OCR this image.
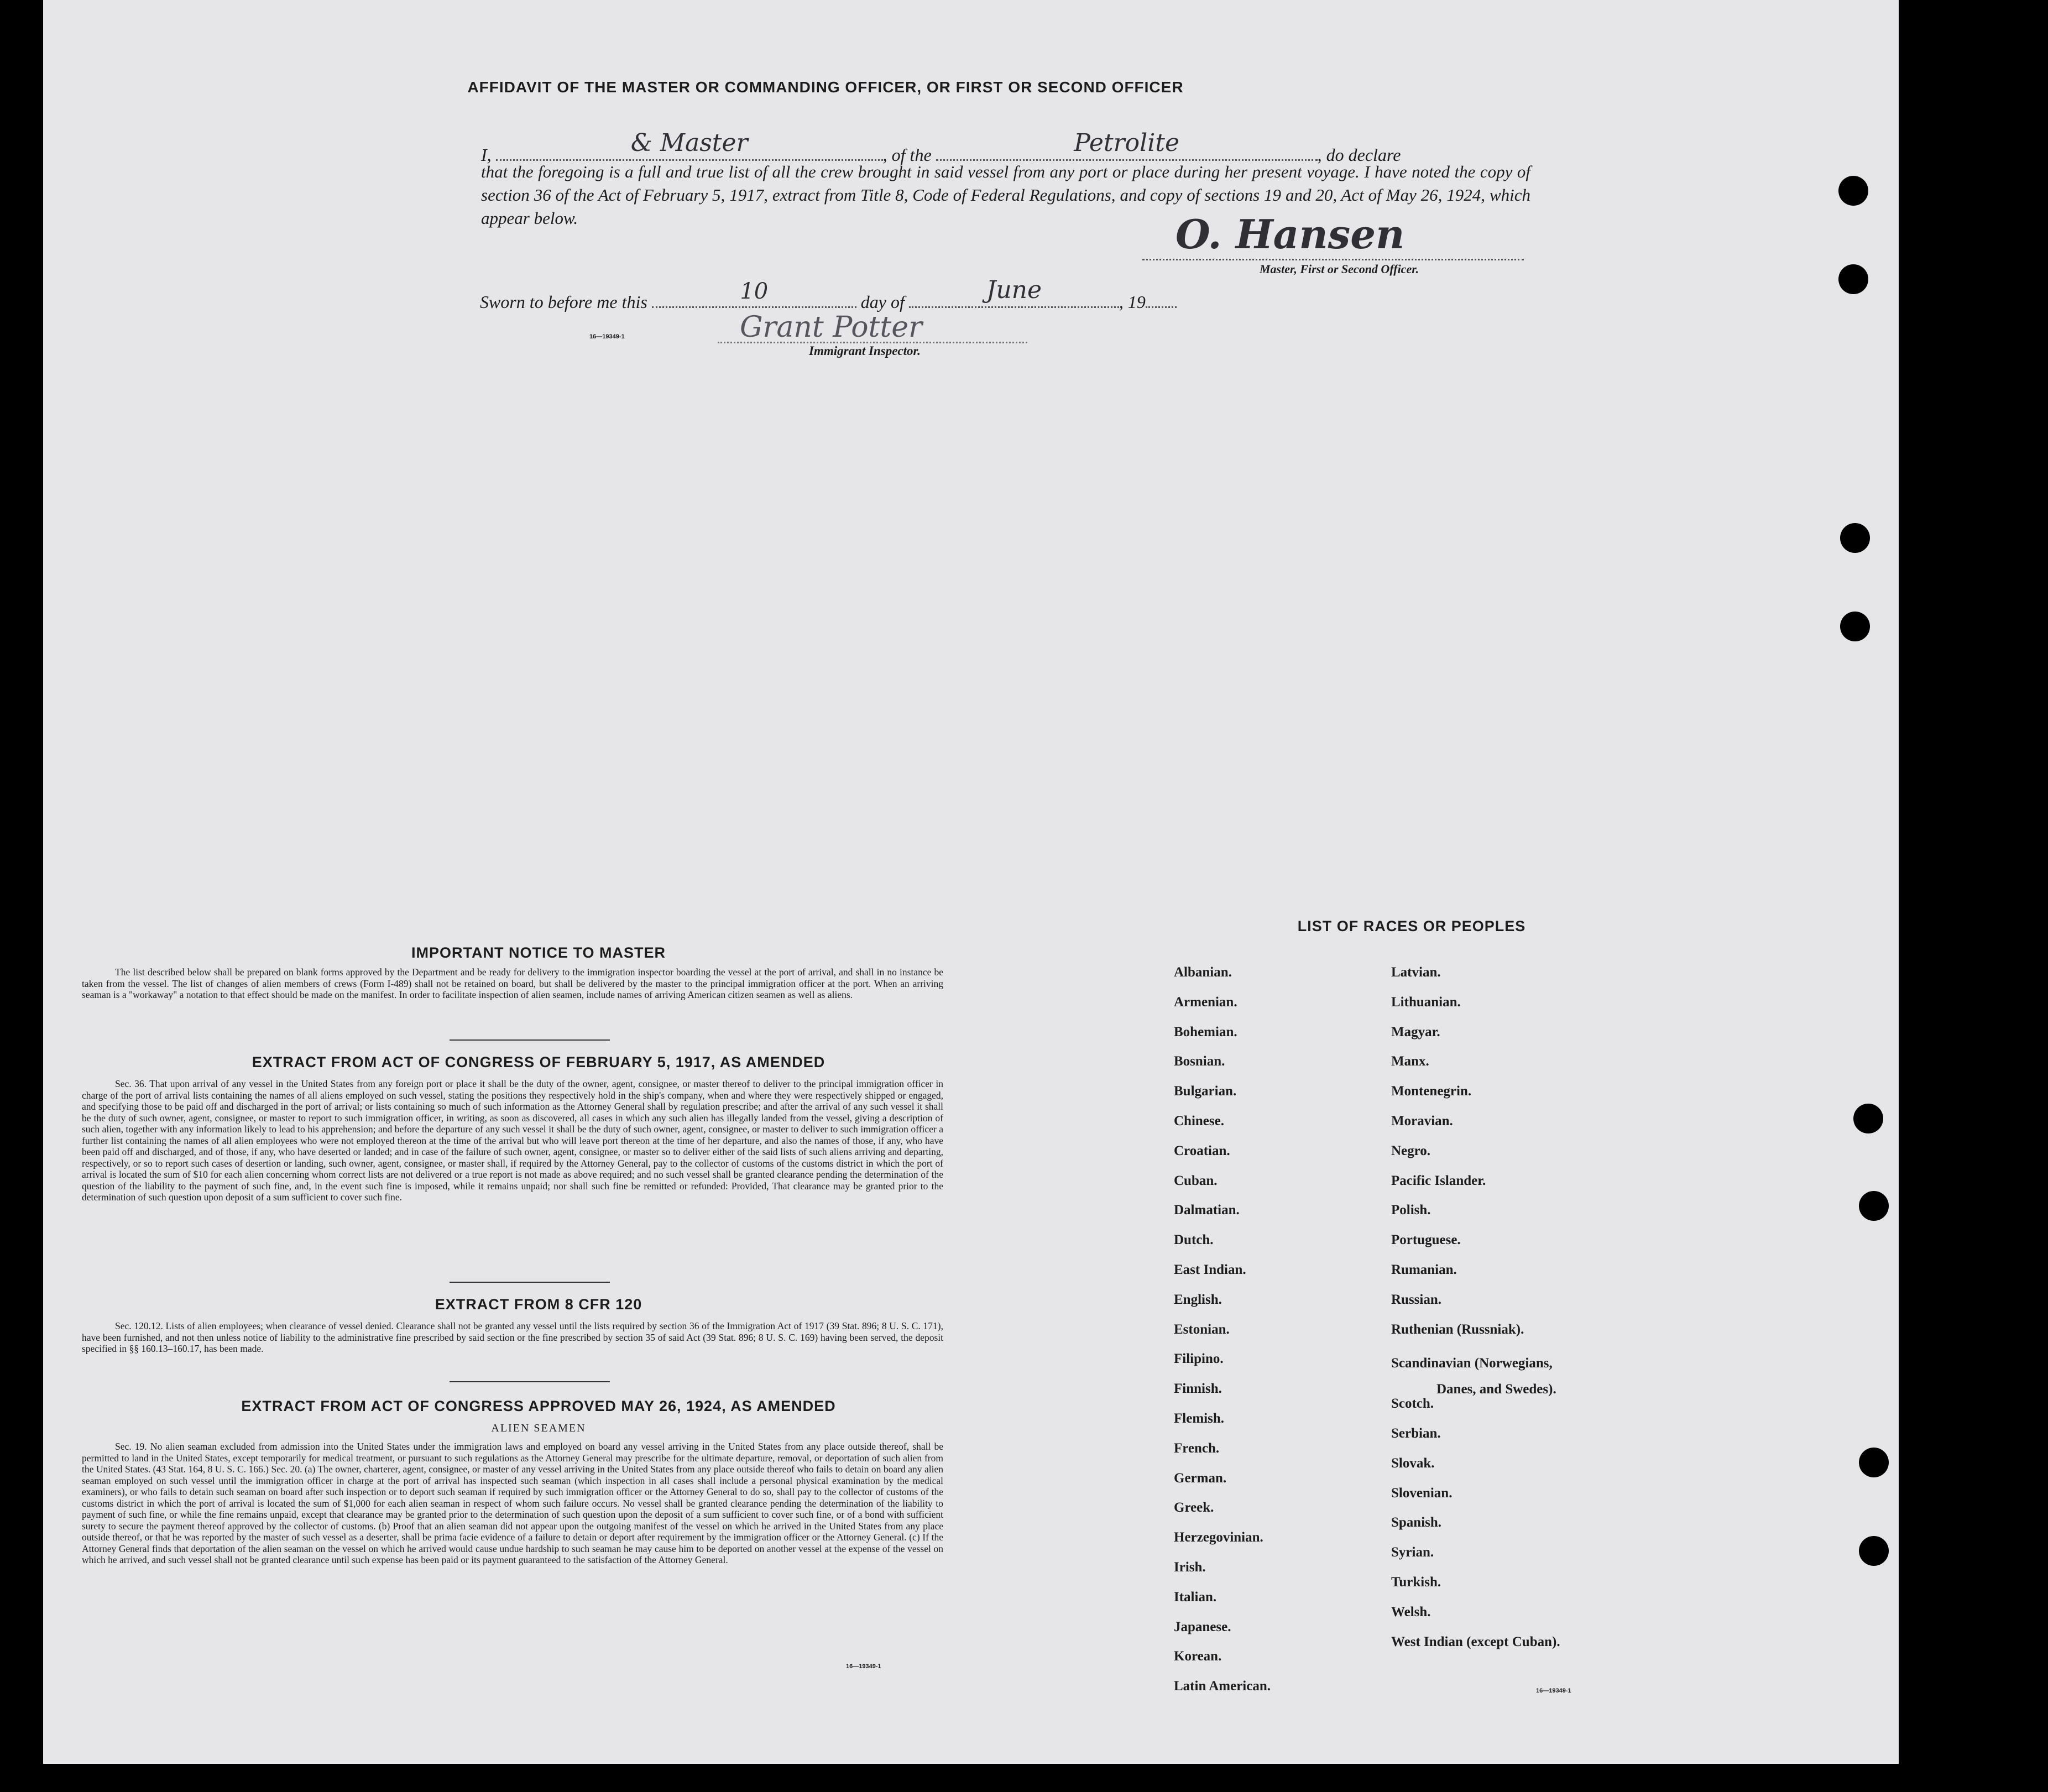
AFFIDAVIT OF THE MASTER OR COMMANDING OFFICER, OR FIRST OR SECOND OFFICER
I,	& Master	, of the	Petrolite	, do declare
that the foregoing is a full and true list of all the crew brought in said vessel from any port or place during her present voyage. I have noted the copy of section 36 of the Act of February 5, 1917, extract from Title 8, Code of Federal Regulations, and copy of sections 19 and 20, Act of May 26, 1924, which appear below.	O. Hansen
Master, First or Second Officer.
Sworn to before me this	10	day of	June	, 19
Grant Potter
16—19349-1
Immigrant Inspector.
IMPORTANT NOTICE TO MASTER
The list described below shall be prepared on blank forms approved by the Department and be ready for delivery to the immigration inspector boarding the vessel at the port of arrival, and shall in no instance be taken from the vessel. The list of changes of alien members of crews (Form I-489) shall not be retained on board, but shall be delivered by the master to the principal immigration officer at the port. When an arriving seaman is a "workaway" a notation to that effect should be made on the manifest. In order to facilitate inspection of alien seamen, include names of arriving American citizen seamen as well as aliens.
EXTRACT FROM ACT OF CONGRESS OF FEBRUARY 5, 1917, AS AMENDED
Sec. 36. That upon arrival of any vessel in the United States from any foreign port or place it shall be the duty of the owner, agent, consignee, or master thereof to deliver to the principal immigration officer in charge of the port of arrival lists containing the names of all aliens employed on such vessel, stating the positions they respectively hold in the ship's company, when and where they were respectively shipped or engaged, and specifying those to be paid off and discharged in the port of arrival; or lists containing so much of such information as the Attorney General shall by regulation prescribe; and after the arrival of any such vessel it shall be the duty of such owner, agent, consignee, or master to report to such immigration officer, in writing, as soon as discovered, all cases in which any such alien has illegally landed from the vessel, giving a description of such alien, together with any information likely to lead to his apprehension; and before the departure of any such vessel it shall be the duty of such owner, agent, consignee, or master to deliver to such immigration officer a further list containing the names of all alien employees who were not employed thereon at the time of the arrival but who will leave port thereon at the time of her departure, and also the names of those, if any, who have been paid off and discharged, and of those, if any, who have deserted or landed; and in case of the failure of such owner, agent, consignee, or master so to deliver either of the said lists of such aliens arriving and departing, respectively, or so to report such cases of desertion or landing, such owner, agent, consignee, or master shall, if required by the Attorney General, pay to the collector of customs of the customs district in which the port of arrival is located the sum of $10 for each alien concerning whom correct lists are not delivered or a true report is not made as above required; and no such vessel shall be granted clearance pending the determination of the question of the liability to the payment of such fine, and, in the event such fine is imposed, while it remains unpaid; nor shall such fine be remitted or refunded: Provided, That clearance may be granted prior to the determination of such question upon deposit of a sum sufficient to cover such fine.
EXTRACT FROM 8 CFR 120
Sec. 120.12. Lists of alien employees; when clearance of vessel denied. Clearance shall not be granted any vessel until the lists required by section 36 of the Immigration Act of 1917 (39 Stat. 896; 8 U. S. C. 171), have been furnished, and not then unless notice of liability to the administrative fine prescribed by said section or the fine prescribed by section 35 of said Act (39 Stat. 896; 8 U. S. C. 169) having been served, the deposit specified in §§ 160.13–160.17, has been made.
EXTRACT FROM ACT OF CONGRESS APPROVED MAY 26, 1924, AS AMENDED
ALIEN SEAMEN
Sec. 19. No alien seaman excluded from admission into the United States under the immigration laws and employed on board any vessel arriving in the United States from any place outside thereof, shall be permitted to land in the United States, except temporarily for medical treatment, or pursuant to such regulations as the Attorney General may prescribe for the ultimate departure, removal, or deportation of such alien from the United States. (43 Stat. 164, 8 U. S. C. 166.) Sec. 20. (a) The owner, charterer, agent, consignee, or master of any vessel arriving in the United States from any place outside thereof who fails to detain on board any alien seaman employed on such vessel until the immigration officer in charge at the port of arrival has inspected such seaman (which inspection in all cases shall include a personal physical examination by the medical examiners), or who fails to detain such seaman on board after such inspection or to deport such seaman if required by such immigration officer or the Attorney General to do so, shall pay to the collector of customs of the customs district in which the port of arrival is located the sum of $1,000 for each alien seaman in respect of whom such failure occurs. No vessel shall be granted clearance pending the determination of the liability to payment of such fine, or while the fine remains unpaid, except that clearance may be granted prior to the determination of such question upon the deposit of a sum sufficient to cover such fine, or of a bond with sufficient surety to secure the payment thereof approved by the collector of customs. (b) Proof that an alien seaman did not appear upon the outgoing manifest of the vessel on which he arrived in the United States from any place outside thereof, or that he was reported by the master of such vessel as a deserter, shall be prima facie evidence of a failure to detain or deport after requirement by the immigration officer or the Attorney General. (c) If the Attorney General finds that deportation of the alien seaman on the vessel on which he arrived would cause undue hardship to such seaman he may cause him to be deported on another vessel at the expense of the vessel on which he arrived, and such vessel shall not be granted clearance until such expense has been paid or its payment guaranteed to the satisfaction of the Attorney General.
16—19349-1
LIST OF RACES OR PEOPLES
16—19349-1
Albanian.
Armenian.
Bohemian.
Bosnian.
Bulgarian.
Chinese.
Croatian.
Cuban.
Dalmatian.
Dutch.
East Indian.
English.
Estonian.
Filipino.
Finnish.
Flemish.
French.
German.
Greek.
Herzegovinian.
Irish.
Italian.
Japanese.
Korean.
Latin American.
Latvian.
Lithuanian.
Magyar.
Manx.
Montenegrin.
Moravian.
Negro.
Pacific Islander.
Polish.
Portuguese.
Rumanian.
Russian.
Ruthenian (Russniak).
Scandinavian (Norwegians,
Danes, and Swedes).
Scotch.
Serbian.
Slovak.
Slovenian.
Spanish.
Syrian.
Turkish.
Welsh.
West Indian (except Cuban).
